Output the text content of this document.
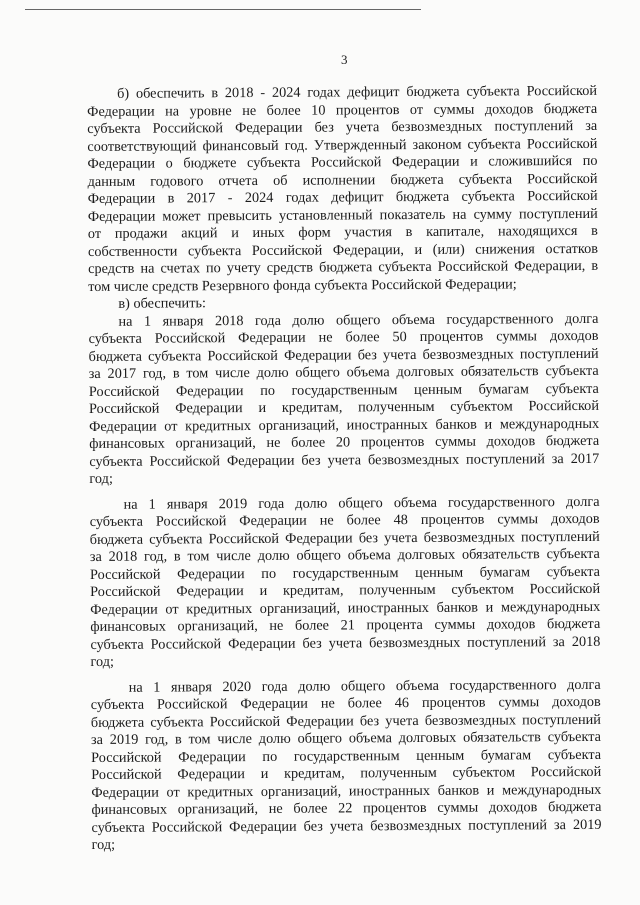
3
б) обеспечить в 2018 - 2024 годах дефицит бюджета субъекта Российской
Федерации на уровне не более 10 процентов от суммы доходов бюджета
субъекта Российской Федерации без учета безвозмездных поступлений за
соответствующий финансовый год. Утвержденный законом субъекта Российской
Федерации о бюджете субъекта Российской Федерации и сложившийся по
данным годового отчета об исполнении бюджета субъекта Российской
Федерации в 2017 - 2024 годах дефицит бюджета субъекта Российской
Федерации может превысить установленный показатель на сумму поступлений
от продажи акций и иных форм участия в капитале, находящихся в
собственности субъекта Российской Федерации, и (или) снижения остатков
средств на счетах по учету средств бюджета субъекта Российской Федерации, в
том числе средств Резервного фонда субъекта Российской Федерации;
в) обеспечить:
на 1 января 2018 года долю общего объема государственного долга
субъекта Российской Федерации не более 50 процентов суммы доходов
бюджета субъекта Российской Федерации без учета безвозмездных поступлений
за 2017 год, в том числе долю общего объема долговых обязательств субъекта
Российской Федерации по государственным ценным бумагам субъекта
Российской Федерации и кредитам, полученным субъектом Российской
Федерации от кредитных организаций, иностранных банков и международных
финансовых организаций, не более 20 процентов суммы доходов бюджета
субъекта Российской Федерации без учета безвозмездных поступлений за 2017
год;
на 1 января 2019 года долю общего объема государственного долга
субъекта Российской Федерации не более 48 процентов суммы доходов
бюджета субъекта Российской Федерации без учета безвозмездных поступлений
за 2018 год, в том числе долю общего объема долговых обязательств субъекта
Российской Федерации по государственным ценным бумагам субъекта
Российской Федерации и кредитам, полученным субъектом Российской
Федерации от кредитных организаций, иностранных банков и международных
финансовых организаций, не более 21 процента суммы доходов бюджета
субъекта Российской Федерации без учета безвозмездных поступлений за 2018
год;
на 1 января 2020 года долю общего объема государственного долга
субъекта Российской Федерации не более 46 процентов суммы доходов
бюджета субъекта Российской Федерации без учета безвозмездных поступлений
за 2019 год, в том числе долю общего объема долговых обязательств субъекта
Российской Федерации по государственным ценным бумагам субъекта
Российской Федерации и кредитам, полученным субъектом Российской
Федерации от кредитных организаций, иностранных банков и международных
финансовых организаций, не более 22 процентов суммы доходов бюджета
субъекта Российской Федерации без учета безвозмездных поступлений за 2019
год;
